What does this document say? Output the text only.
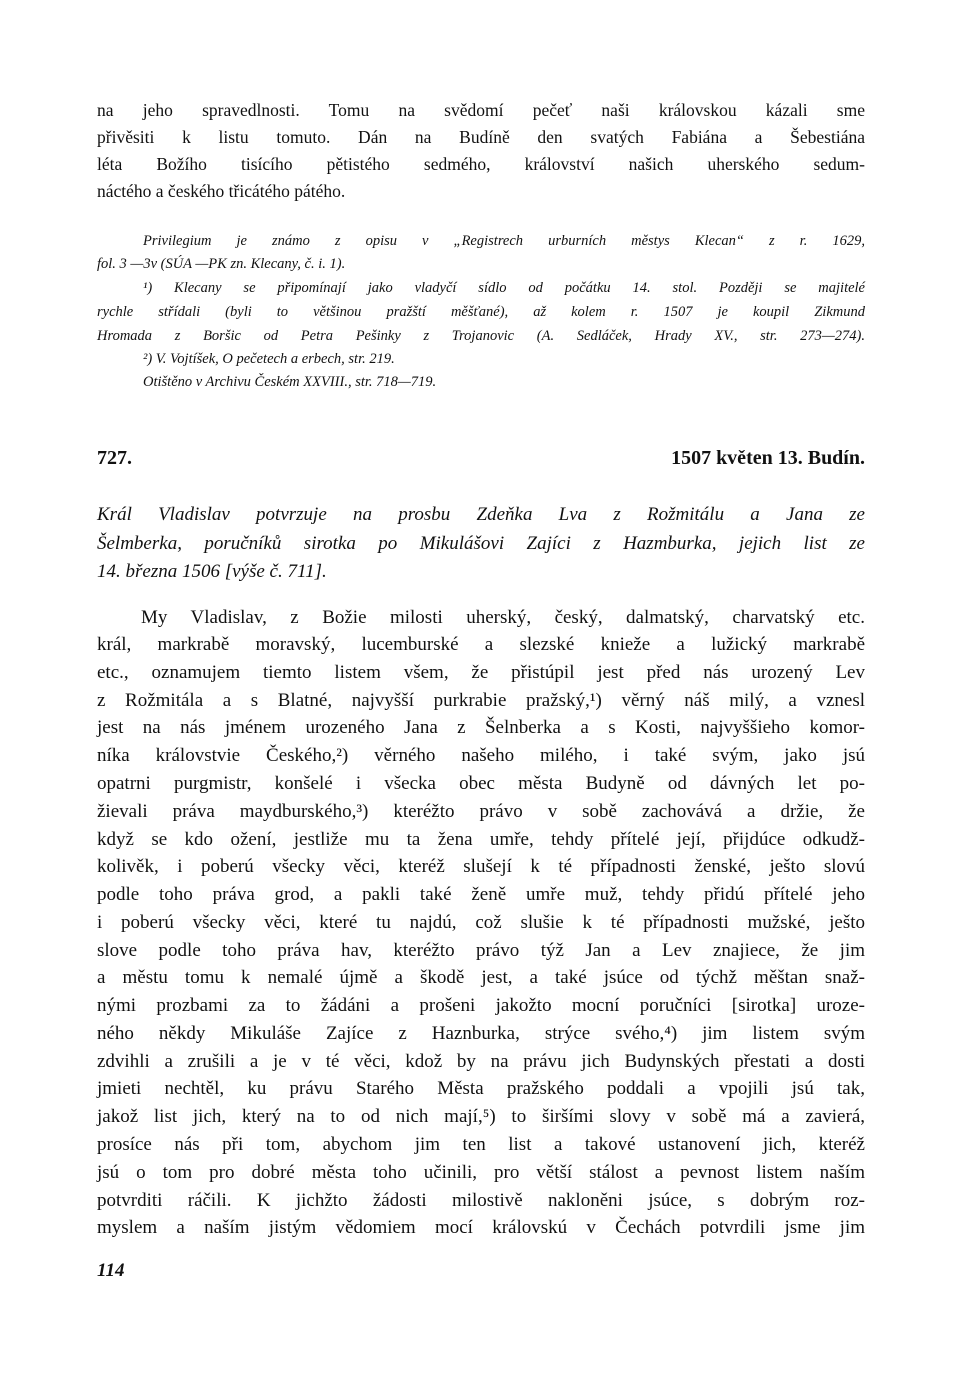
na jeho spravedlnosti. Tomu na svědomí pečeť naši královskou kázali sme
přivěsiti k listu tomuto. Dán na Budíně den svatých Fabiána a Šebestiána
léta Božího tisícího pětistého sedmého, království našich uherského sedum-
náctého a českého třicátého pátého.
Privilegium je známo z opisu v „Registrech urburních městys Klecan“ z r. 1629,
fol. 3 —3v (SÚA —PK zn. Klecany, č. i. 1).
¹) Klecany se připomínají jako vladyčí sídlo od počátku 14. stol. Později se majitelé
rychle střídali (byli to většinou pražští měšťané), až kolem r. 1507 je koupil Zikmund
Hromada z Boršic od Petra Pešinky z Trojanovic (A. Sedláček, Hrady XV., str. 273—274).
²) V. Vojtíšek, O pečetech a erbech, str. 219.
Otištěno v Archivu Českém XXVIII., str. 718—719.
727.	1507 květen 13. Budín.
Král Vladislav potvrzuje na prosbu Zdeňka Lva z Rožmitálu a Jana ze
Šelmberka, poručníků sirotka po Mikulášovi Zajíci z Hazmburka, jejich list ze
14. března 1506 [výše č. 711].
My Vladislav, z Božie milosti uherský, český, dalmatský, charvatský etc.
král, markrabě moravský, lucemburské a slezské knieže a lužický markrabě
etc., oznamujem tiemto listem všem, že přistúpil jest před nás urozený Lev
z Rožmitála a s Blatné, najvyšší purkrabie pražský,¹) věrný náš milý, a vznesl
jest na nás jménem urozeného Jana z Šelnberka a s Kosti, najvyššieho komor-
níka královstvie Českého,²) věrného našeho milého, i také svým, jako jsú
opatrni purgmistr, konšelé i všecka obec města Budyně od dávných let po-
žievali práva maydburského,³) kteréžto právo v sobě zachovává a držie, že
když se kdo ožení, jestliže mu ta žena umře, tehdy přítelé její, přijdúce odkudž-
kolivěk, i poberú všecky věci, kteréž slušejí k té případnosti ženské, ješto slovú
podle toho práva grod, a pakli také ženě umře muž, tehdy přidú přítelé jeho
i poberú všecky věci, které tu najdú, což slušie k té případnosti mužské, ješto
slove podle toho práva hav, kteréžto právo týž Jan a Lev znajiece, že jim
a městu tomu k nemalé újmě a škodě jest, a také jsúce od týchž měštan snaž-
nými prozbami za to žádáni a prošeni jakožto mocní poručníci [sirotka] uroze-
ného někdy Mikuláše Zajíce z Haznburka, strýce svého,⁴) jim listem svým
zdvihli a zrušili a je v té věci, kdož by na právu jich Budynských přestati a dosti
jmieti nechtěl, ku právu Starého Města pražského poddali a vpojili jsú tak,
jakož list jich, který na to od nich mají,⁵) to širšími slovy v sobě má a zavierá,
prosíce nás při tom, abychom jim ten list a takové ustanovení jich, kteréž
jsú o tom pro dobré města toho učinili, pro větší stálost a pevnost listem naším
potvrditi ráčili. K jichžto žádosti milostivě nakloněni jsúce, s dobrým roz-
myslem a naším jistým vědomiem mocí královskú v Čechách potvrdili jsme jim
114
